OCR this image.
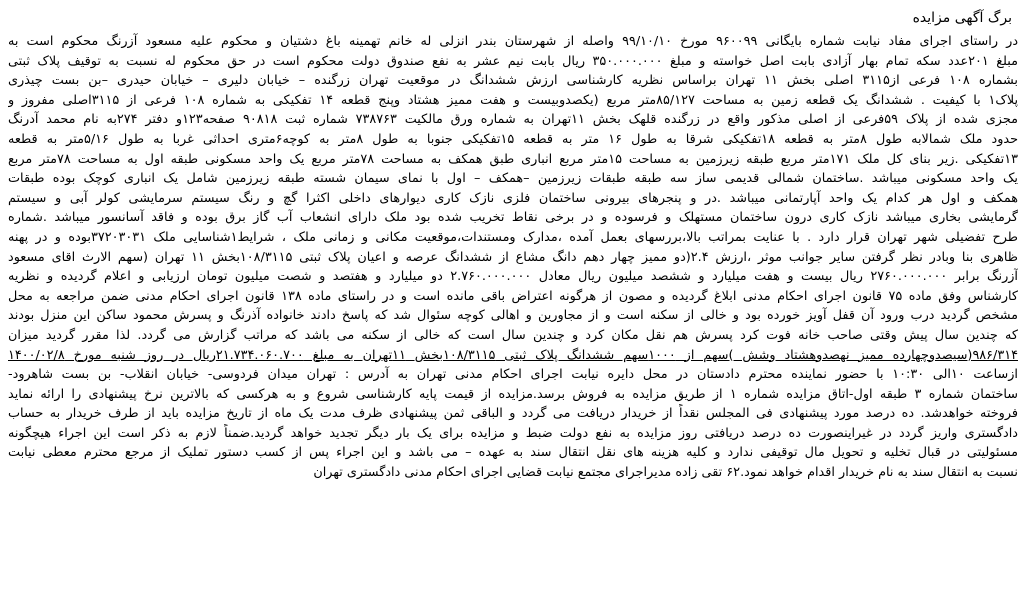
برگ آگهی مزایده
در راستای اجرای مفاد نیابت شماره بایگانی ۹۶۰۰۹۹ مورخ ۹۹/۱۰/۱۰ واصله از شهرستان بندر انزلی له خانم تهمینه باغ دشتیان و محکوم علیه مسعود آزرنگ محکوم است به
مبلغ ۲۰۱عدد سکه تمام بهار آزادی بابت اصل خواسته و مبلغ ۳۵۰.۰۰۰.۰۰۰ ریال بابت نیم عشر به نفع صندوق دولت محکوم است در حق محکوم له نسبت به توقیف پلاک ثبتی
بشماره ۱۰۸ فرعی از۳۱۱۵ اصلی بخش ۱۱ تهران براساس نظریه کارشناسی ارزش ششدانگ در موقعیت تهران زرگنده – خیابان دلیری – خیابان حیدری –بن بست چیذری
پلاک۱ با کیفیت . ششدانگ یک قطعه زمین به مساحت ۸۵/۱۲۷متر مربع (یکصدوبیست و هفت ممیز هشتاد وپنج قطعه ۱۴ تفکیکی به شماره ۱۰۸ فرعی از ۳۱۱۵اصلی مفروز و
مجزی شده از پلاک ۵۹فرعی از اصلی مذکور واقع در زرگنده قلهک بخش ۱۱تهران به شماره ورق مالکیت ۷۳۸۷۶۳ شماره ثبت ۹۰۸۱۸ صفحه۱۲۳و دفتر ۲۷۴به نام محمد آدرنگ
حدود ملک شمالابه طول ۸متر به قطعه ۱۸تفکیکی شرقا به طول ۱۶ متر به قطعه ۱۵تفکیکی جنوبا به طول ۸متر به کوچه۶متری احداثی غربا به طول ۵/۱۶متر به قطعه
۱۳تفکیکی .زیر بنای کل ملک ۱۷۱متر مربع طبقه زیرزمین به مساحت ۱۵متر مربع انباری طبق همکف به مساحت ۷۸متر مربع یک واحد مسکونی طبقه اول به مساحت ۷۸متر مربع
یک واحد مسکونی میباشد .ساختمان شمالی قدیمی ساز سه طبقه طبقات زیرزمین –همکف – اول با نمای سیمان شسته طبقه زیرزمین شامل یک انباری کوچک بوده طبقات
همکف و اول هر کدام یک واحد آپارتمانی میباشد .در و پنجرهای بیرونی ساختمان فلزی نازک کاری دیوارهای داخلی اکثرا گچ و رنگ سیستم سرمایشی کولر آبی و سیستم
گرمایشی بخاری میباشد نازک کاری درون ساختمان مستهلک و فرسوده و در برخی نقاط تخریب شده بود ملک دارای انشعاب آب گاز برق بوده و فاقد آسانسور میباشد .شماره
طرح تفضیلی شهر تهران قرار دارد . با عنایت بمراتب بالا،بررسهای بعمل آمده ،مدارک ومستندات،موقعیت مکانی و زمانی ملک ، شرایط۱شناسایی ملک ۳۷۲۰۳۰۳۱بوده و در پهنه
ظاهری بنا وبادر نظر گرفتن سایر جوانب موثر ،ارزش ۲.۴(دو ممیز چهار دهم دانگ مشاع از ششدانگ عرصه و اعیان پلاک ثبتی ۱۰۸/۳۱۱۵بخش ۱۱ تهران (سهم الارث اقای مسعود
آزرنگ برابر ۲۷۶۰.۰۰۰.۰۰۰ ریال بیست و هفت میلیارد و ششصد میلیون ریال معادل ۲.۷۶۰.۰۰۰.۰۰۰ دو میلیارد و هفتصد و شصت میلیون تومان ارزیابی و اعلام گردیده و نظریه
کارشناس وفق ماده ۷۵ قانون اجرای احکام مدنی ابلاغ گردیده و مصون از هرگونه اعتراض باقی مانده است و در راستای ماده ۱۳۸ قانون اجرای احکام مدنی ضمن مراجعه به محل
مشخص گردید درب ورود آن قفل آویز خورده بود و خالی از سکنه است و از مجاورین و اهالی کوچه سئوال شد که پاسخ دادند خانواده آذرنگ و پسرش محمود ساکن این منزل بودند
که چندین سال پیش وقتی صاحب خانه فوت کرد پسرش هم نقل مکان کرد و چندین سال است که خالی از سکنه می باشد که مراتب گزارش می گردد. لذا مقرر گردید میزان
۹۸۶/۳۱۴(سیصدوچهارده ممیز نهصدوهشتاد وشش )سهم از ۱۰۰۰سهم ششدانگ پلاک ثبتی ۱۰۸/۳۱۱۵بخش ۱۱تهران به مبلغ ۲۱.۷۳۴.۰۶۰.۷۰۰ریال در روز شنبه مورخ ۱۴۰۰/۰۲/۸
ازساعت ۱۰الی ۱۰:۳۰ با حضور نماینده محترم دادستان در محل دایره نیابت اجرای احکام مدنی تهران به آدرس : تهران میدان فردوسی- خیابان انقلاب- بن بست شاهرود-
ساختمان شماره ۳ طبقه اول-اتاق مزایده شماره ۱ از طریق مزایده به فروش برسد.مزایده از قیمت پایه کارشناسی شروع و به هرکسی که بالاترین نرخ پیشنهادی را ارائه نماید
فروخته خواهدشد. ده درصد مورد پیشنهادی فی المجلس نقداً از خریدار دریافت می گردد و الباقی ثمن پیشنهادی ظرف مدت یک ماه از تاریخ مزایده باید از طرف خریدار به حساب
دادگستری واریز گردد در غیراینصورت ده درصد دریافتی روز مزایده به نفع دولت ضبط و مزایده برای یک بار دیگر تجدید خواهد گردید.ضمناً لازم به ذکر است این اجراء هیچگونه
مسئولیتی در قبال تخلیه و تحویل مال توقیفی ندارد و کلیه هزینه های نقل انتقال سند به عهده – می باشد و این اجراء پس از کسب دستور تملیک از مرجع محترم معطی نیابت
نسبت به انتقال سند به نام خریدار اقدام خواهد نمود.۶۲ تقی زاده مدیراجرای مجتمع نیابت قضایی اجرای احکام مدنی دادگستری تهران
